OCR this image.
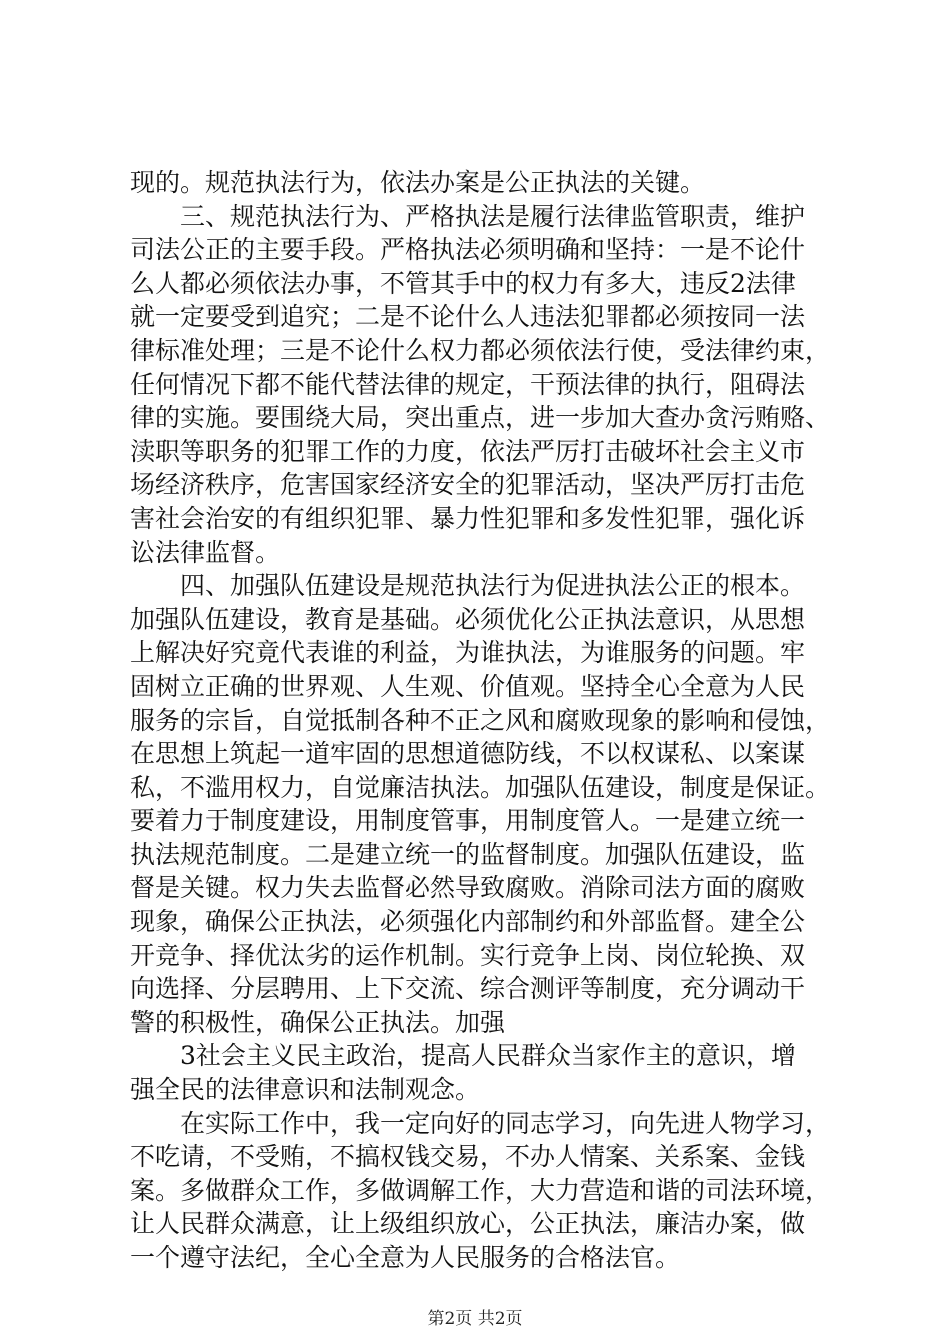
现的。规范执法行为，依法办案是公正执法的关键。
三、规范执法行为、严格执法是履行法律监管职责，维护
司法公正的主要手段。严格执法必须明确和坚持：一是不论什
么人都必须依法办事，不管其手中的权力有多大，违反2法律
就一定要受到追究；二是不论什么人违法犯罪都必须按同一法
律标准处理；三是不论什么权力都必须依法行使，受法律约束，
任何情况下都不能代替法律的规定，干预法律的执行，阻碍法
律的实施。要围绕大局，突出重点，进一步加大查办贪污贿赂、
渎职等职务的犯罪工作的力度，依法严厉打击破坏社会主义市
场经济秩序，危害国家经济安全的犯罪活动，坚决严厉打击危
害社会治安的有组织犯罪、暴力性犯罪和多发性犯罪，强化诉
讼法律监督。
四、加强队伍建设是规范执法行为促进执法公正的根本。
加强队伍建设，教育是基础。必须优化公正执法意识，从思想
上解决好究竟代表谁的利益，为谁执法，为谁服务的问题。牢
固树立正确的世界观、人生观、价值观。坚持全心全意为人民
服务的宗旨，自觉抵制各种不正之风和腐败现象的影响和侵蚀，
在思想上筑起一道牢固的思想道德防线，不以权谋私、以案谋
私，不滥用权力，自觉廉洁执法。加强队伍建设，制度是保证。
要着力于制度建设，用制度管事，用制度管人。一是建立统一
执法规范制度。二是建立统一的监督制度。加强队伍建设，监
督是关键。权力失去监督必然导致腐败。消除司法方面的腐败
现象，确保公正执法，必须强化内部制约和外部监督。建全公
开竞争、择优汰劣的运作机制。实行竞争上岗、岗位轮换、双
向选择、分层聘用、上下交流、综合测评等制度，充分调动干
警的积极性，确保公正执法。加强
3社会主义民主政治，提高人民群众当家作主的意识，增
强全民的法律意识和法制观念。
在实际工作中，我一定向好的同志学习，向先进人物学习，
不吃请，不受贿，不搞权钱交易，不办人情案、关系案、金钱
案。多做群众工作，多做调解工作，大力营造和谐的司法环境，
让人民群众满意，让上级组织放心，公正执法，廉洁办案，做
一个遵守法纪，全心全意为人民服务的合格法官。
第2页 共2页
